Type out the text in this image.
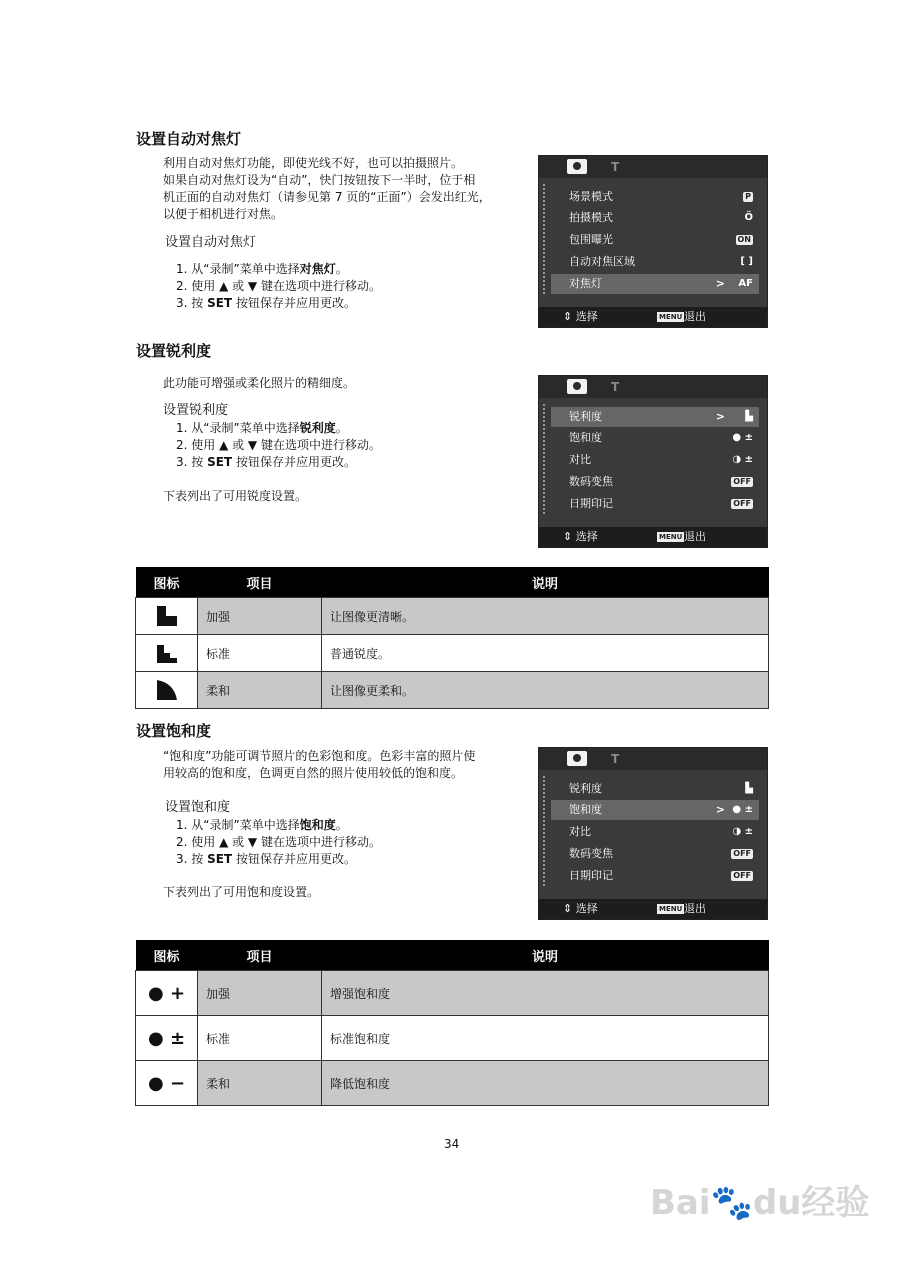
设置自动对焦灯
利用自动对焦灯功能，即使光线不好，也可以拍摄照片。
如果自动对焦灯设为“自动”，快门按钮按下一半时，位于相
机正面的自动对焦灯（请参见第 7 页的“正面”）会发出红光，
以便于相机进行对焦。
设置自动对焦灯
1. 从“录制”菜单中选择对焦灯。
2. 使用 ▲ 或 ▼ 键在选项中进行移动。
3. 按 SET 按钮保存并应用更改。
T
场景模式	P
拍摄模式	Ö
包围曝光	ON
自动对焦区域	[ ]
对焦灯	> AF
⇕ 选择	MENU 退出
设置锐利度
此功能可增强或柔化照片的精细度。
设置锐利度
1. 从“录制”菜单中选择锐利度。
2. 使用 ▲ 或 ▼ 键在选项中进行移动。
3. 按 SET 按钮保存并应用更改。
下表列出了可用锐度设置。
T
锐利度	> ▙
饱和度	● ±
对比	◑ ±
数码变焦	OFF
日期印记	OFF
⇕ 选择	MENU 退出
图标	项目	说明
	加强	让图像更清晰。
	标准	普通锐度。
	柔和	让图像更柔和。
设置饱和度
“饱和度”功能可调节照片的色彩饱和度。色彩丰富的照片使
用较高的饱和度，色调更自然的照片使用较低的饱和度。
设置饱和度
1. 从“录制”菜单中选择饱和度。
2. 使用 ▲ 或 ▼ 键在选项中进行移动。
3. 按 SET 按钮保存并应用更改。
下表列出了可用饱和度设置。
T
锐利度	▙
饱和度	> ● ±
对比	◑ ±
数码变焦	OFF
日期印记	OFF
⇕ 选择	MENU 退出
图标	项目	说明
● +	加强	增强饱和度
● ±	标准	标准饱和度
● −	柔和	降低饱和度
34
Bai🐾du经验
